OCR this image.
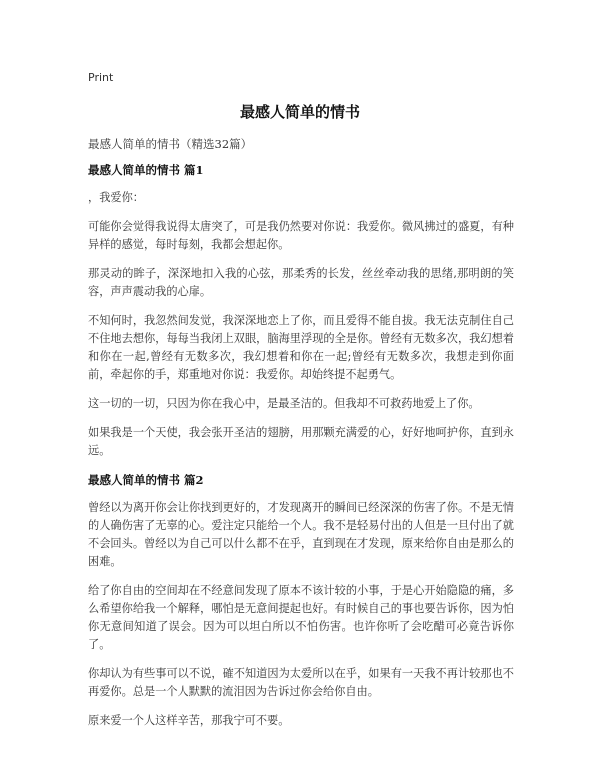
Print
最感人简单的情书
最感人简单的情书（精选32篇）
最感人简单的情书 篇1

，我爱你：

可能你会觉得我说得太唐突了，可是我仍然要对你说：我爱你。微风拂过的盛夏，有种异样的感觉，每时每刻，我都会想起你。

那灵动的眸子，深深地扣入我的心弦，那柔秀的长发，丝丝牵动我的思绪,那明朗的笑容，声声震动我的心扉。

不知何时，我忽然间发觉，我深深地恋上了你，而且爱得不能自拔。我无法克制住自己不住地去想你，每每当我闭上双眼，脑海里浮现的全是你。曾经有无数多次，我幻想着和你在一起,曾经有无数多次，我幻想着和你在一起;曾经有无数多次，我想走到你面前，牵起你的手，郑重地对你说：我爱你。却始终提不起勇气。

这一切的一切，只因为你在我心中，是最圣洁的。但我却不可救药地爱上了你。

如果我是一个天使，我会张开圣洁的翅膀，用那颗充满爱的心，好好地呵护你，直到永远。

最感人简单的情书 篇2

曾经以为离开你会让你找到更好的，才发现离开的瞬间已经深深的伤害了你。不是无情的人确伤害了无辜的心。爱注定只能给一个人。我不是轻易付出的人但是一旦付出了就不会回头。曾经以为自己可以什么都不在乎，直到现在才发现，原来给你自由是那么的困难。

给了你自由的空间却在不经意间发现了原本不该计较的小事，于是心开始隐隐的痛，多么希望你给我一个解释，哪怕是无意间提起也好。有时候自己的事也要告诉你，因为怕你无意间知道了误会。因为可以坦白所以不怕伤害。也许你听了会吃醋可必竟告诉你了。

你却认为有些事可以不说，確不知道因为太爱所以在乎，如果有一天我不再计较那也不再爱你。总是一个人默默的流泪因为告诉过你会给你自由。

原来爱一个人这样辛苦，那我宁可不要。
